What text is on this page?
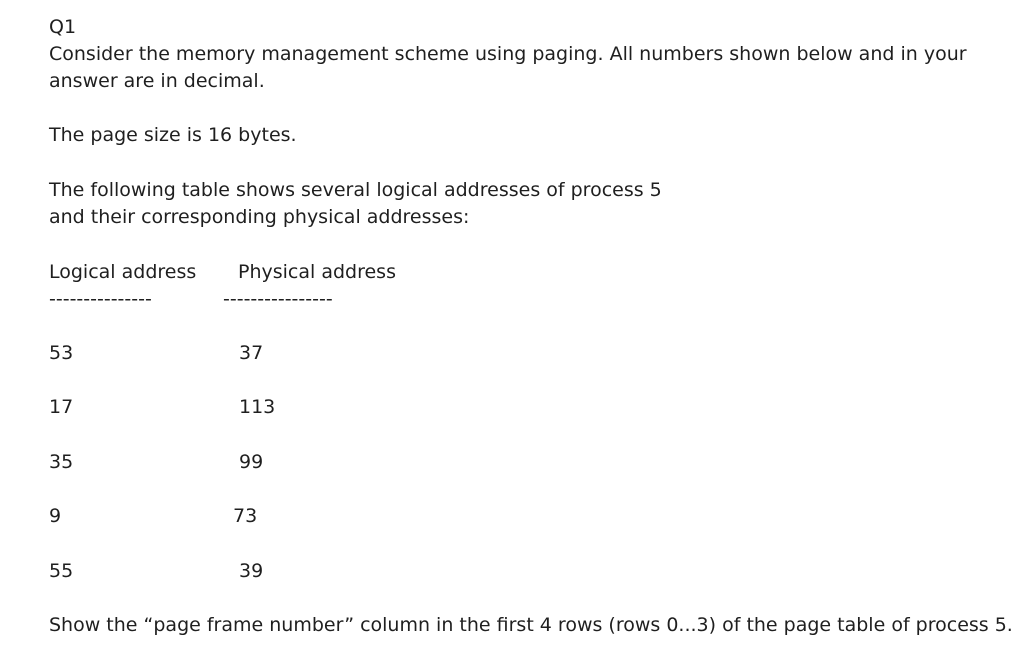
Q1
Consider the memory management scheme using paging. All numbers shown below and in your answer are in decimal.
The page size is 16 bytes.
The following table shows several logical addresses of process 5
and their corresponding physical addresses:
Logical address Physical address
---------------	----------------
53	37
17	113
35	99
9	73
55	39
Show the “page frame number” column in the first 4 rows (rows 0...3) of the page table of process 5.
